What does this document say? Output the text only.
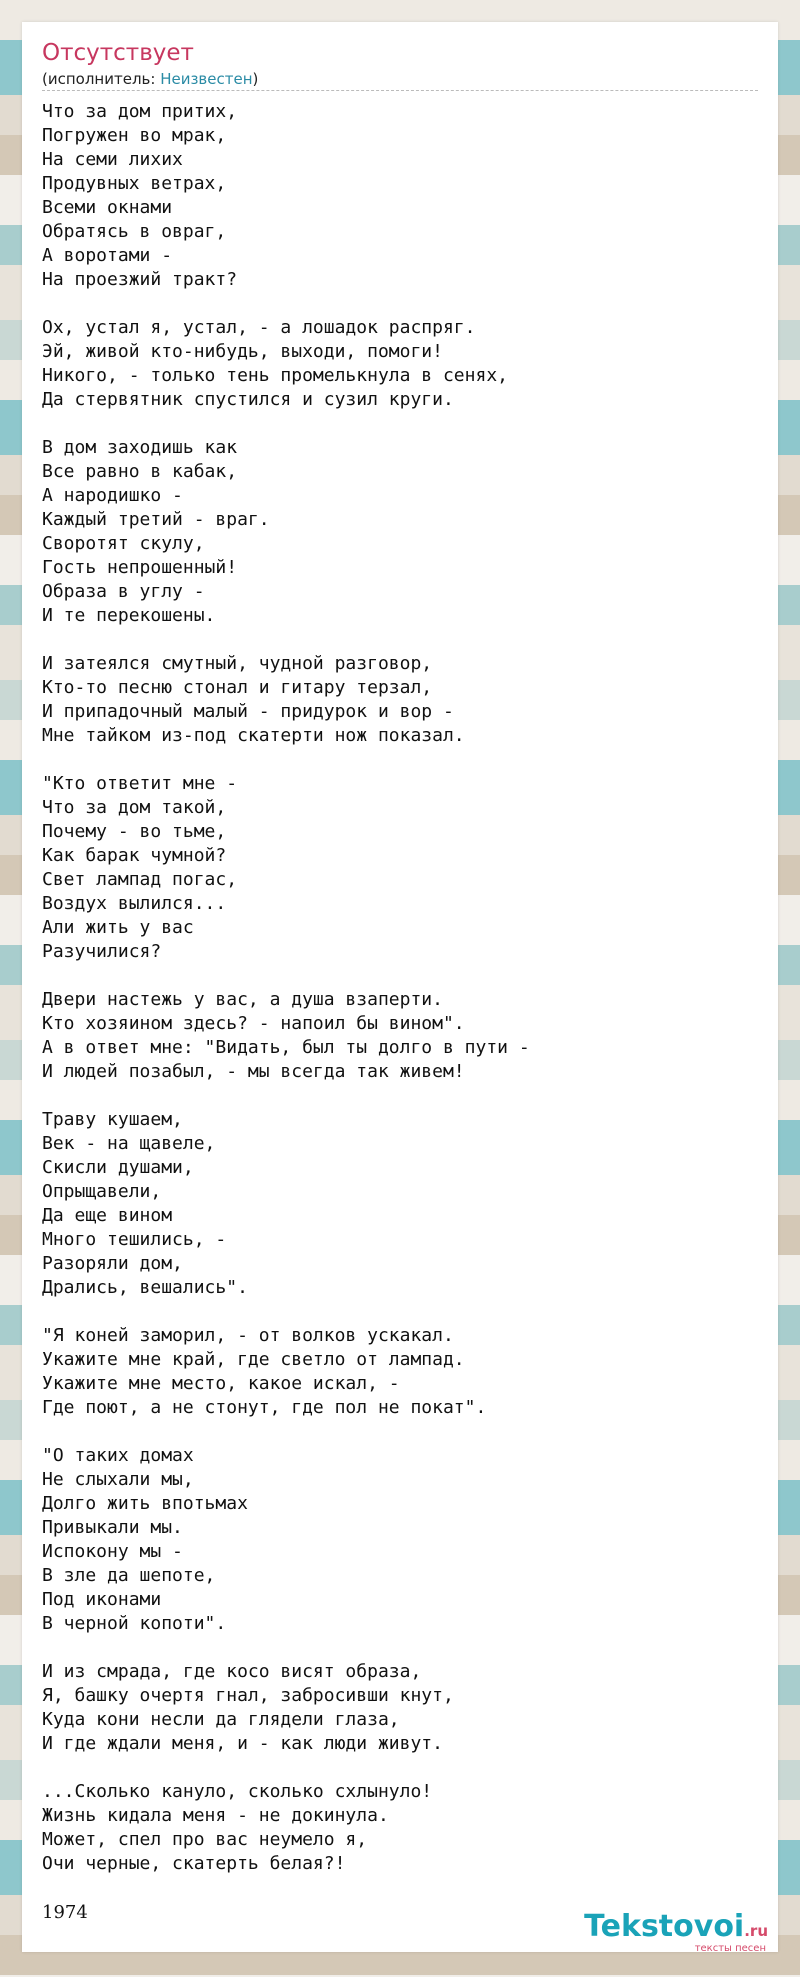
Отсутствует
(исполнитель: Неизвестен)
Что за дом притих,
Погружен во мрак,
На семи лихих
Продувных ветрах,
Всеми окнами
Обратясь в овраг,
А воротами -
На проезжий тракт?

Ох, устал я, устал, - а лошадок распряг.
Эй, живой кто-нибудь, выходи, помоги!
Никого, - только тень промелькнула в сенях,
Да стервятник спустился и сузил круги.

В дом заходишь как
Все равно в кабак,
А народишко -
Каждый третий - враг.
Своротят скулу,
Гость непрошенный!
Образа в углу -
И те перекошены.

И затеялся смутный, чудной разговор,
Кто-то песню стонал и гитару терзал,
И припадочный малый - придурок и вор -
Мне тайком из-под скатерти нож показал.

"Кто ответит мне -
Что за дом такой,
Почему - во тьме,
Как барак чумной?
Свет лампад погас,
Воздух вылился...
Али жить у вас
Разучилися?

Двери настежь у вас, а душа взаперти.
Кто хозяином здесь? - напоил бы вином".
А в ответ мне: "Видать, был ты долго в пути -
И людей позабыл, - мы всегда так живем!

Траву кушаем,
Век - на щавеле,
Скисли душами,
Опрыщавели,
Да еще вином
Много тешились, -
Разоряли дом,
Дрались, вешались".

"Я коней заморил, - от волков ускакал.
Укажите мне край, где светло от лампад.
Укажите мне место, какое искал, -
Где поют, а не стонут, где пол не покат".

"О таких домах
Не слыхали мы,
Долго жить впотьмах
Привыкали мы.
Испокону мы -
В зле да шепоте,
Под иконами
В черной копоти".

И из смрада, где косо висят образа,
Я, башку очертя гнал, забросивши кнут,
Куда кони несли да глядели глаза,
И где ждали меня, и - как люди живут.

...Сколько кануло, сколько схлынуло!
Жизнь кидала меня - не докинула.
Может, спел про вас неумело я,
Очи черные, скатерть белая?!
1974	Tekstovoi.ru
тексты песен
